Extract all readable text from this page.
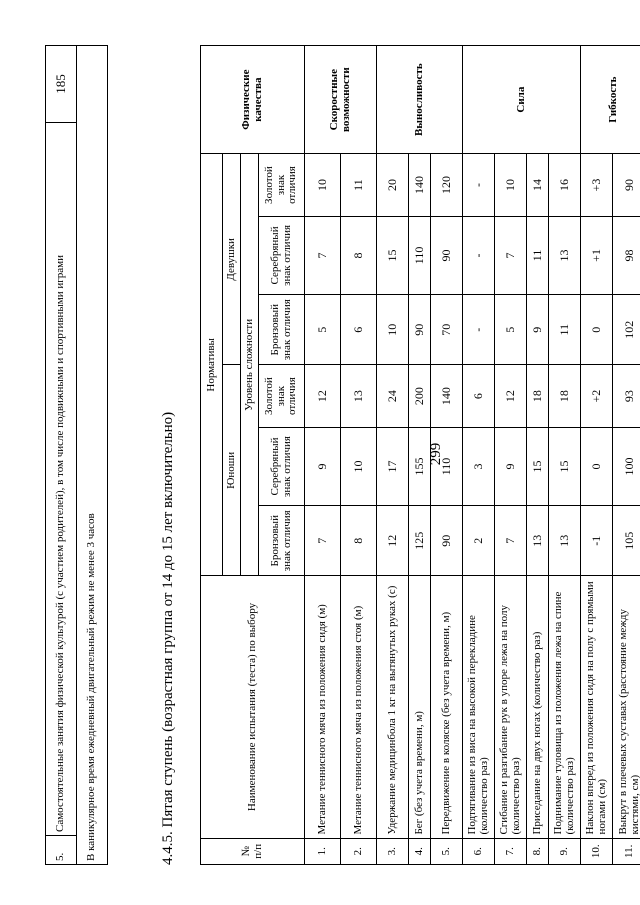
299
5.	Самостоятельные занятия физической культурой (с участием родителей), в том числе подвижными и спортивными играми	185
В каникулярное время ежедневный двигательный режим не менее 3 часов	4.4.5. Пятая ступень (возрастная группа от 14 до 15 лет включительно)	№ п/п	Наименование испытания (теста) по выбору	Нормативы						Физические качества
		Юноши			Девушки			
		Уровень сложности						
		Бронзовый знак отличия	Серебряный знак отличия	Золотой знак отличия	Бронзовый знак отличия	Серебряный знак отличия	Золотой знак отличия	
1.	Метание теннисного мяча из положения сидя (м)	7	9	12	5	7	10	Скоростные возможности
2.	Метание теннисного мяча из положения стоя (м)	8	10	13	6	8	11	
3.	Удержание медицинбола 1 кг на вытянутых руках (с)	12	17	24	10	15	20	Выносливость
4.	Бег (без учета времени, м)	125	155	200	90	110	140	
5.	Передвижение в коляске (без учета времени, м)	90	110	140	70	90	120	
6.	Подтягивание из виса на высокой перекладине (количество раз)	2	3	6	-	-	-	Сила
7.	Сгибание и разгибание рук в упоре лежа на полу (количество раз)	7	9	12	5	7	10	
8.	Приседание на двух ногах (количество раз)	13	15	18	9	11	14	
9.	Поднимание туловища из положения лежа на спине (количество раз)	13	15	18	11	13	16	
10.	Наклон вперед из положения сидя на полу с прямыми ногами (см)	-1	0	+2	0	+1	+3	Гибкость
11.	Выкрут в плечевых суставах (расстояние между кистями, см)	105	100	93	102	98	90	
